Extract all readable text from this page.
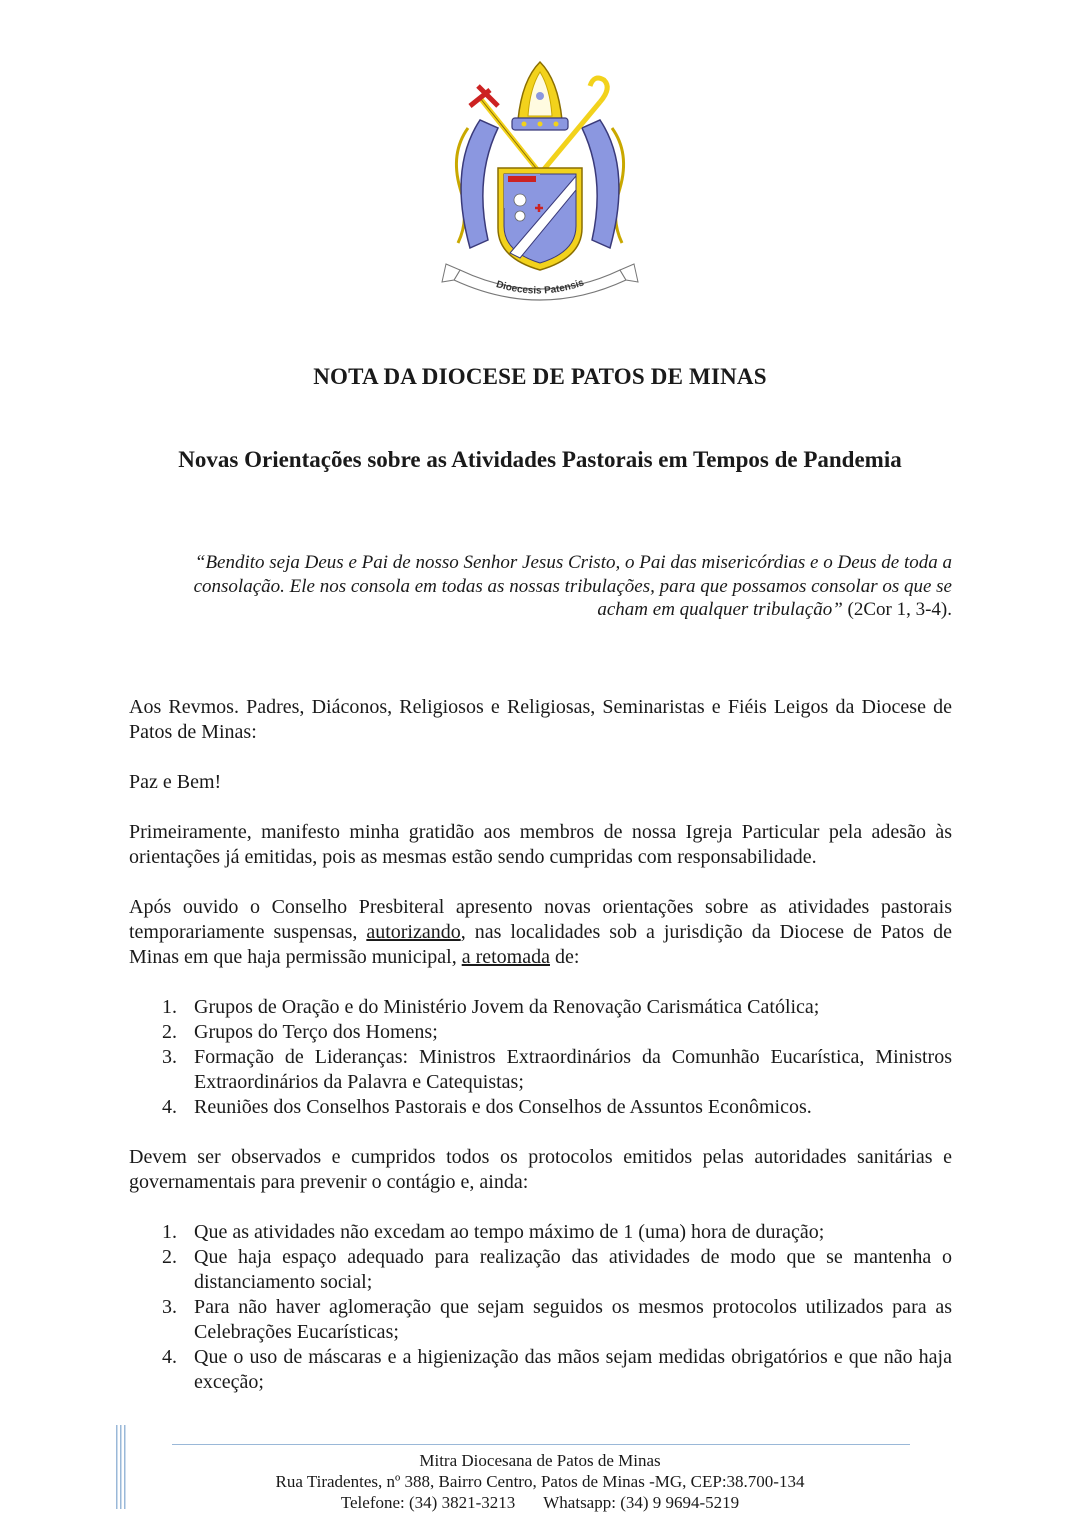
Dioecesis Patensis
NOTA DA DIOCESE DE PATOS DE MINAS
Novas Orientações sobre as Atividades Pastorais em Tempos de Pandemia

“Bendito seja Deus e Pai de nosso Senhor Jesus Cristo, o Pai das misericórdias e o Deus de toda a consolação. Ele nos consola em todas as nossas tribulações, para que possamos consolar os que se acham em qualquer tribulação” (2Cor 1, 3-4).

Aos Revmos. Padres, Diáconos, Religiosos e Religiosas, Seminaristas e Fiéis Leigos da Diocese de Patos de Minas:

Paz e Bem!

Primeiramente, manifesto minha gratidão aos membros de nossa Igreja Particular pela adesão às orientações já emitidas, pois as mesmas estão sendo cumpridas com responsabilidade.

Após ouvido o Conselho Presbiteral apresento novas orientações sobre as atividades pastorais temporariamente suspensas, autorizando, nas localidades sob a jurisdição da Diocese de Patos de Minas em que haja permissão municipal, a retomada de:

1. Grupos de Oração e do Ministério Jovem da Renovação Carismática Católica;
2. Grupos do Terço dos Homens;
3. Formação de Lideranças: Ministros Extraordinários da Comunhão Eucarística, Ministros Extraordinários da Palavra e Catequistas;
4. Reuniões dos Conselhos Pastorais e dos Conselhos de Assuntos Econômicos.

Devem ser observados e cumpridos todos os protocolos emitidos pelas autoridades sanitárias e governamentais para prevenir o contágio e, ainda:

1. Que as atividades não excedam ao tempo máximo de 1 (uma) hora de duração;
2. Que haja espaço adequado para realização das atividades de modo que se mantenha o distanciamento social;
3. Para não haver aglomeração que sejam seguidos os mesmos protocolos utilizados para as Celebrações Eucarísticas;
4. Que o uso de máscaras e a higienização das mãos sejam medidas obrigatórios e que não haja exceção;

Mitra Diocesana de Patos de Minas

Rua Tiradentes, nº 388, Bairro Centro, Patos de Minas -MG, CEP:38.700-134

Telefone: (34) 3821-3213 Whatsapp: (34) 9 9694-5219
